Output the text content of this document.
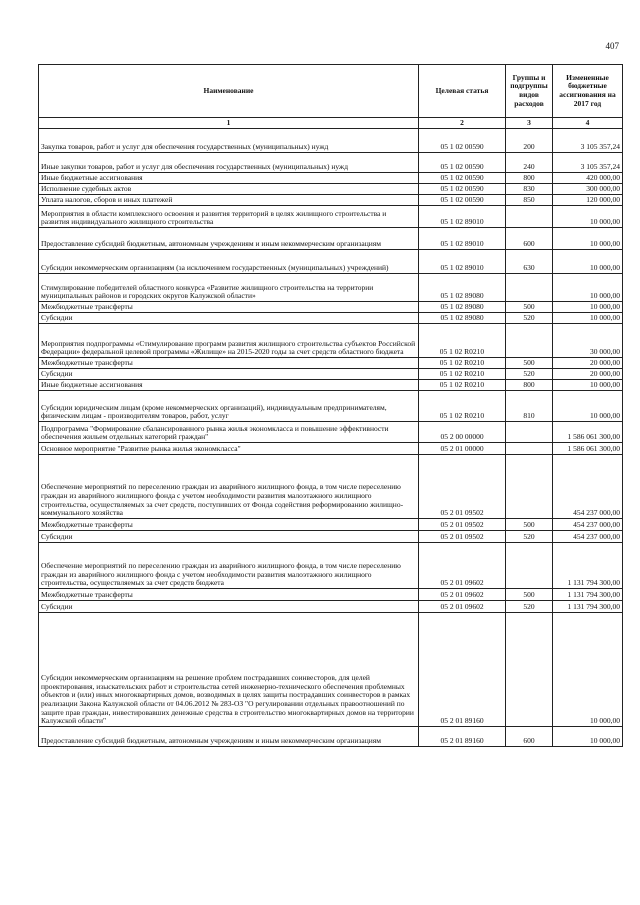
407
Наименование	Целевая статья	Группы и подгруппы видов расходов	Измененные бюджетные ассигнования на 2017 год
1	2	3	4
Закупка товаров, работ и услуг для обеспечения государственных (муниципальных) нужд	05 1 02 00590	200	3 105 357,24
Иные закупки товаров, работ и услуг для обеспечения государственных (муниципальных) нужд	05 1 02 00590	240	3 105 357,24
Иные бюджетные ассигнования	05 1 02 00590	800	420 000,00
Исполнение судебных актов	05 1 02 00590	830	300 000,00
Уплата налогов, сборов и иных платежей	05 1 02 00590	850	120 000,00
Мероприятия в области комплексного освоения и развития территорий в целях жилищного строительства и развития индивидуального жилищного строительства	05 1 02 89010		10 000,00
Предоставление субсидий бюджетным, автономным учреждениям и иным некоммерческим организациям	05 1 02 89010	600	10 000,00
Субсидии некоммерческим организациям (за исключением государственных (муниципальных) учреждений)	05 1 02 89010	630	10 000,00
Стимулирование победителей областного конкурса «Развитие жилищного строительства на территории муниципальных районов и городских округов Калужской области»	05 1 02 89080		10 000,00
Межбюджетные трансферты	05 1 02 89080	500	10 000,00
Субсидии	05 1 02 89080	520	10 000,00
Мероприятия подпрограммы «Стимулирование программ развития жилищного строительства субъектов Российской Федерации» федеральной целевой программы «Жилище» на 2015-2020 годы за счет средств областного бюджета	05 1 02 R0210		30 000,00
Межбюджетные трансферты	05 1 02 R0210	500	20 000,00
Субсидии	05 1 02 R0210	520	20 000,00
Иные бюджетные ассигнования	05 1 02 R0210	800	10 000,00
Субсидии юридическим лицам (кроме некоммерческих организаций), индивидуальным предпринимателям, физическим лицам - производителям товаров, работ, услуг	05 1 02 R0210	810	10 000,00
Подпрограмма "Формирование сбалансированного рынка жилья экономкласса и повышение эффективности обеспечения жильем отдельных категорий граждан"	05 2 00 00000		1 586 061 300,00
Основное мероприятие "Развитие рынка жилья экономкласса"	05 2 01 00000		1 586 061 300,00
Обеспечение мероприятий по переселению граждан из аварийного жилищного фонда, в том числе переселению граждан из аварийного жилищного фонда с учетом необходимости развития малоэтажного жилищного строительства, осуществляемых за счет средств, поступивших от Фонда содействия реформированию жилищно-коммунального хозяйства	05 2 01 09502		454 237 000,00
Межбюджетные трансферты	05 2 01 09502	500	454 237 000,00
Субсидии	05 2 01 09502	520	454 237 000,00
Обеспечение мероприятий по переселению граждан из аварийного жилищного фонда, в том числе переселению граждан из аварийного жилищного фонда с учетом необходимости развития малоэтажного жилищного строительства, осуществляемых за счет средств бюджета	05 2 01 09602		1 131 794 300,00
Межбюджетные трансферты	05 2 01 09602	500	1 131 794 300,00
Субсидии	05 2 01 09602	520	1 131 794 300,00
Субсидии некоммерческим организациям на решение проблем пострадавших соинвесторов, для целей проектирования, изыскательских работ и строительства сетей инженерно-технического обеспечения проблемных объектов и (или) иных многоквартирных домов, возводимых в целях защиты пострадавших соинвесторов в рамках реализации Закона Калужской области от 04.06.2012 № 283-ОЗ "О регулировании отдельных правоотношений по защите прав граждан, инвестировавших денежные средства в строительство многоквартирных домов на территории Калужской области"	05 2 01 89160		10 000,00
Предоставление субсидий бюджетным, автономным учреждениям и иным некоммерческим организациям	05 2 01 89160	600	10 000,00
